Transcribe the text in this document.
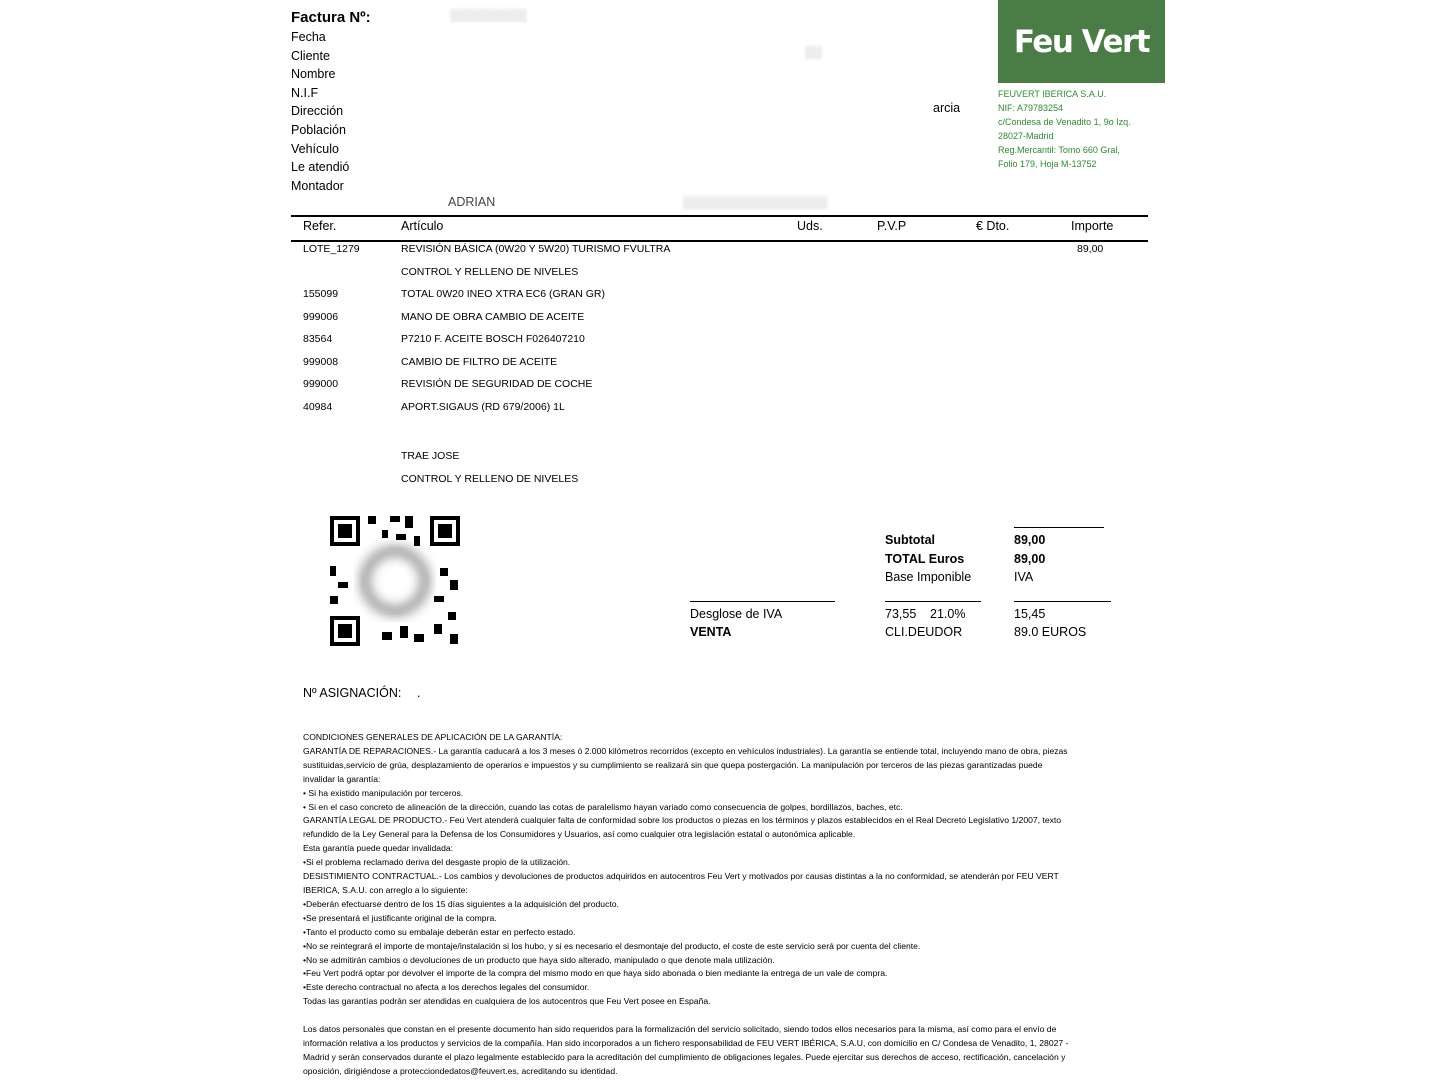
Factura Nº:
Fecha
Cliente
Nombre
N.I.F
Dirección
Población
Vehículo
Le atendió
Montador
▒▒▒▒▒▒▒▒▒
▒▒
arcia
ADRIAN	▒▒▒▒▒▒▒▒▒▒▒▒▒▒▒▒▒
Feu Vert
FEUVERT IBERICA S.A.U.
NIF: A79783254
c/Condesa de Venadito 1, 9o Izq.
28027-Madrid
Reg.Mercantil: Tomo 660 Gral,
Folio 179, Hoja M-13752
Refer.	Artículo	Uds.	P.V.P	€ Dto.	Importe
LOTE_1279	REVISIÓN BÁSICA (0W20 Y 5W20) TURISMO FVULTRA	89,00
CONTROL Y RELLENO DE NIVELES
155099	TOTAL 0W20 INEO XTRA EC6 (GRAN GR)
999006	MANO DE OBRA CAMBIO DE ACEITE
83564	P7210 F. ACEITE BOSCH F026407210
999008	CAMBIO DE FILTRO DE ACEITE
999000	REVISIÓN DE SEGURIDAD DE COCHE
40984	APORT.SIGAUS (RD 679/2006) 1L
TRAE JOSE
CONTROL Y RELLENO DE NIVELES
Subtotal	89,00
TOTAL Euros	89,00
Base Imponible	IVA
Desglose de IVA	73,55 21.0%	15,45
VENTA	CLI.DEUDOR	89.0 EUROS
Nº ASIGNACIÓN: .
CONDICIONES GENERALES DE APLICACIÓN DE LA GARANTÍA:
GARANTÍA DE REPARACIONES.- La garantía caducará a los 3 meses ó 2.000 kilómetros recorridos (excepto en vehículos industriales). La garantía se entiende total, incluyendo mano de obra, piezas
sustituidas,servicio de grúa, desplazamiento de operarios e impuestos y su cumplimiento se realizará sin que quepa postergación. La manipulación por terceros de las piezas garantizadas puede
invalidar la garantía:
• Si ha existido manipulación por terceros.
• Si en el caso concreto de alineación de la dirección, cuando las cotas de paralelismo hayan variado como consecuencia de golpes, bordillazos, baches, etc.
GARANTÍA LEGAL DE PRODUCTO.- Feu Vert atenderá cualquier falta de conformidad sobre los productos o piezas en los términos y plazos establecidos en el Real Decreto Legislativo 1/2007, texto
refundido de la Ley General para la Defensa de los Consumidores y Usuarios, así como cualquier otra legislación estatal o autonómica aplicable.
Esta garantía puede quedar invalidada:
•Si el problema reclamado deriva del desgaste propio de la utilización.
DESISTIMIENTO CONTRACTUAL.- Los cambios y devoluciones de productos adquiridos en autocentros Feu Vert y motivados por causas distintas a la no conformidad, se atenderán por FEU VERT
IBERICA, S.A.U. con arreglo a lo siguiente:
•Deberán efectuarse dentro de los 15 días siguientes a la adquisición del producto.
•Se presentará el justificante original de la compra.
•Tanto el producto como su embalaje deberán estar en perfecto estado.
•No se reintegrará el importe de montaje/instalación si los hubo, y si es necesario el desmontaje del producto, el coste de este servicio será por cuenta del cliente.
•No se admitirán cambios o devoluciones de un producto que haya sido alterado, manipulado o que denote mala utilización.
•Feu Vert podrá optar por devolver el importe de la compra del mismo modo en que haya sido abonada o bien mediante la entrega de un vale de compra.
•Este derecho contractual no afecta a los derechos legales del consumidor.
Todas las garantías podrán ser atendidas en cualquiera de los autocentros que Feu Vert posee en España.
Los datos personales que constan en el presente documento han sido requeridos para la formalización del servicio solicitado, siendo todos ellos necesarios para la misma, así como para el envío de
información relativa a los productos y servicios de la compañía. Han sido incorporados a un fichero responsabilidad de FEU VERT IBÉRICA, S.A.U, con domicilio en C/ Condesa de Venadito, 1, 28027 -
Madrid y serán conservados durante el plazo legalmente establecido para la acreditación del cumplimiento de obligaciones legales. Puede ejercitar sus derechos de acceso, rectificación, cancelación y
oposición, dirigiéndose a protecciondedatos@feuvert.es, acreditando su identidad.
